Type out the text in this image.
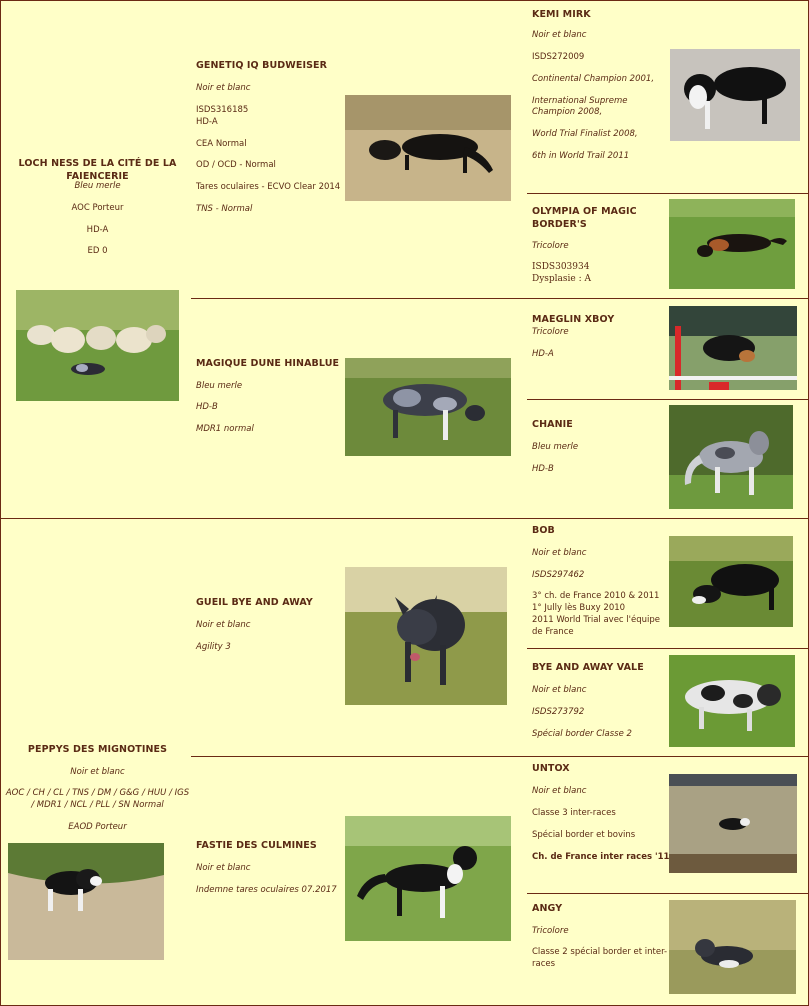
LOCH NESS DE LA CITÉ DE LA FAIENCERIE
Bleu merle
AOC Porteur
HD-A
ED 0
PEPPYS DES MIGNOTINES
Noir et blanc
AOC / CH / CL / TNS / DM / G&G / HUU / IGS
/ MDR1 / NCL / PLL / SN Normal
EAOD Porteur
GENETIQ IQ BUDWEISER
Noir et blanc
ISDS316185
HD-A
CEA Normal
OD / OCD - Normal
Tares oculaires - ECVO Clear 2014
TNS - Normal
MAGIQUE DUNE HINABLUE
Bleu merle
HD-B
MDR1 normal
GUEIL BYE AND AWAY
Noir et blanc
Agility 3
FASTIE DES CULMINES
Noir et blanc
Indemne tares oculaires 07.2017
KEMI MIRK
Noir et blanc
ISDS272009
Continental Champion 2001,
International Supreme
Champion 2008,
World Trial Finalist 2008,
6th in World Trail 2011
OLYMPIA OF MAGIC
BORDER'S
Tricolore
ISDS303934
Dysplasie : A
MAEGLIN XBOY
Tricolore
HD-A
CHANIE
Bleu merle
HD-B
BOB
Noir et blanc
ISDS297462
3° ch. de France 2010 & 2011
1° Jully lès Buxy 2010
2011 World Trial avec l'équipe
de France
BYE AND AWAY VALE
Noir et blanc
ISDS273792
Spécial border Classe 2
UNTOX
Noir et blanc
Classe 3 inter-races
Spécial border et bovins
Ch. de France inter races '11
ANGY
Tricolore
Classe 2 spécial border et inter-
races
